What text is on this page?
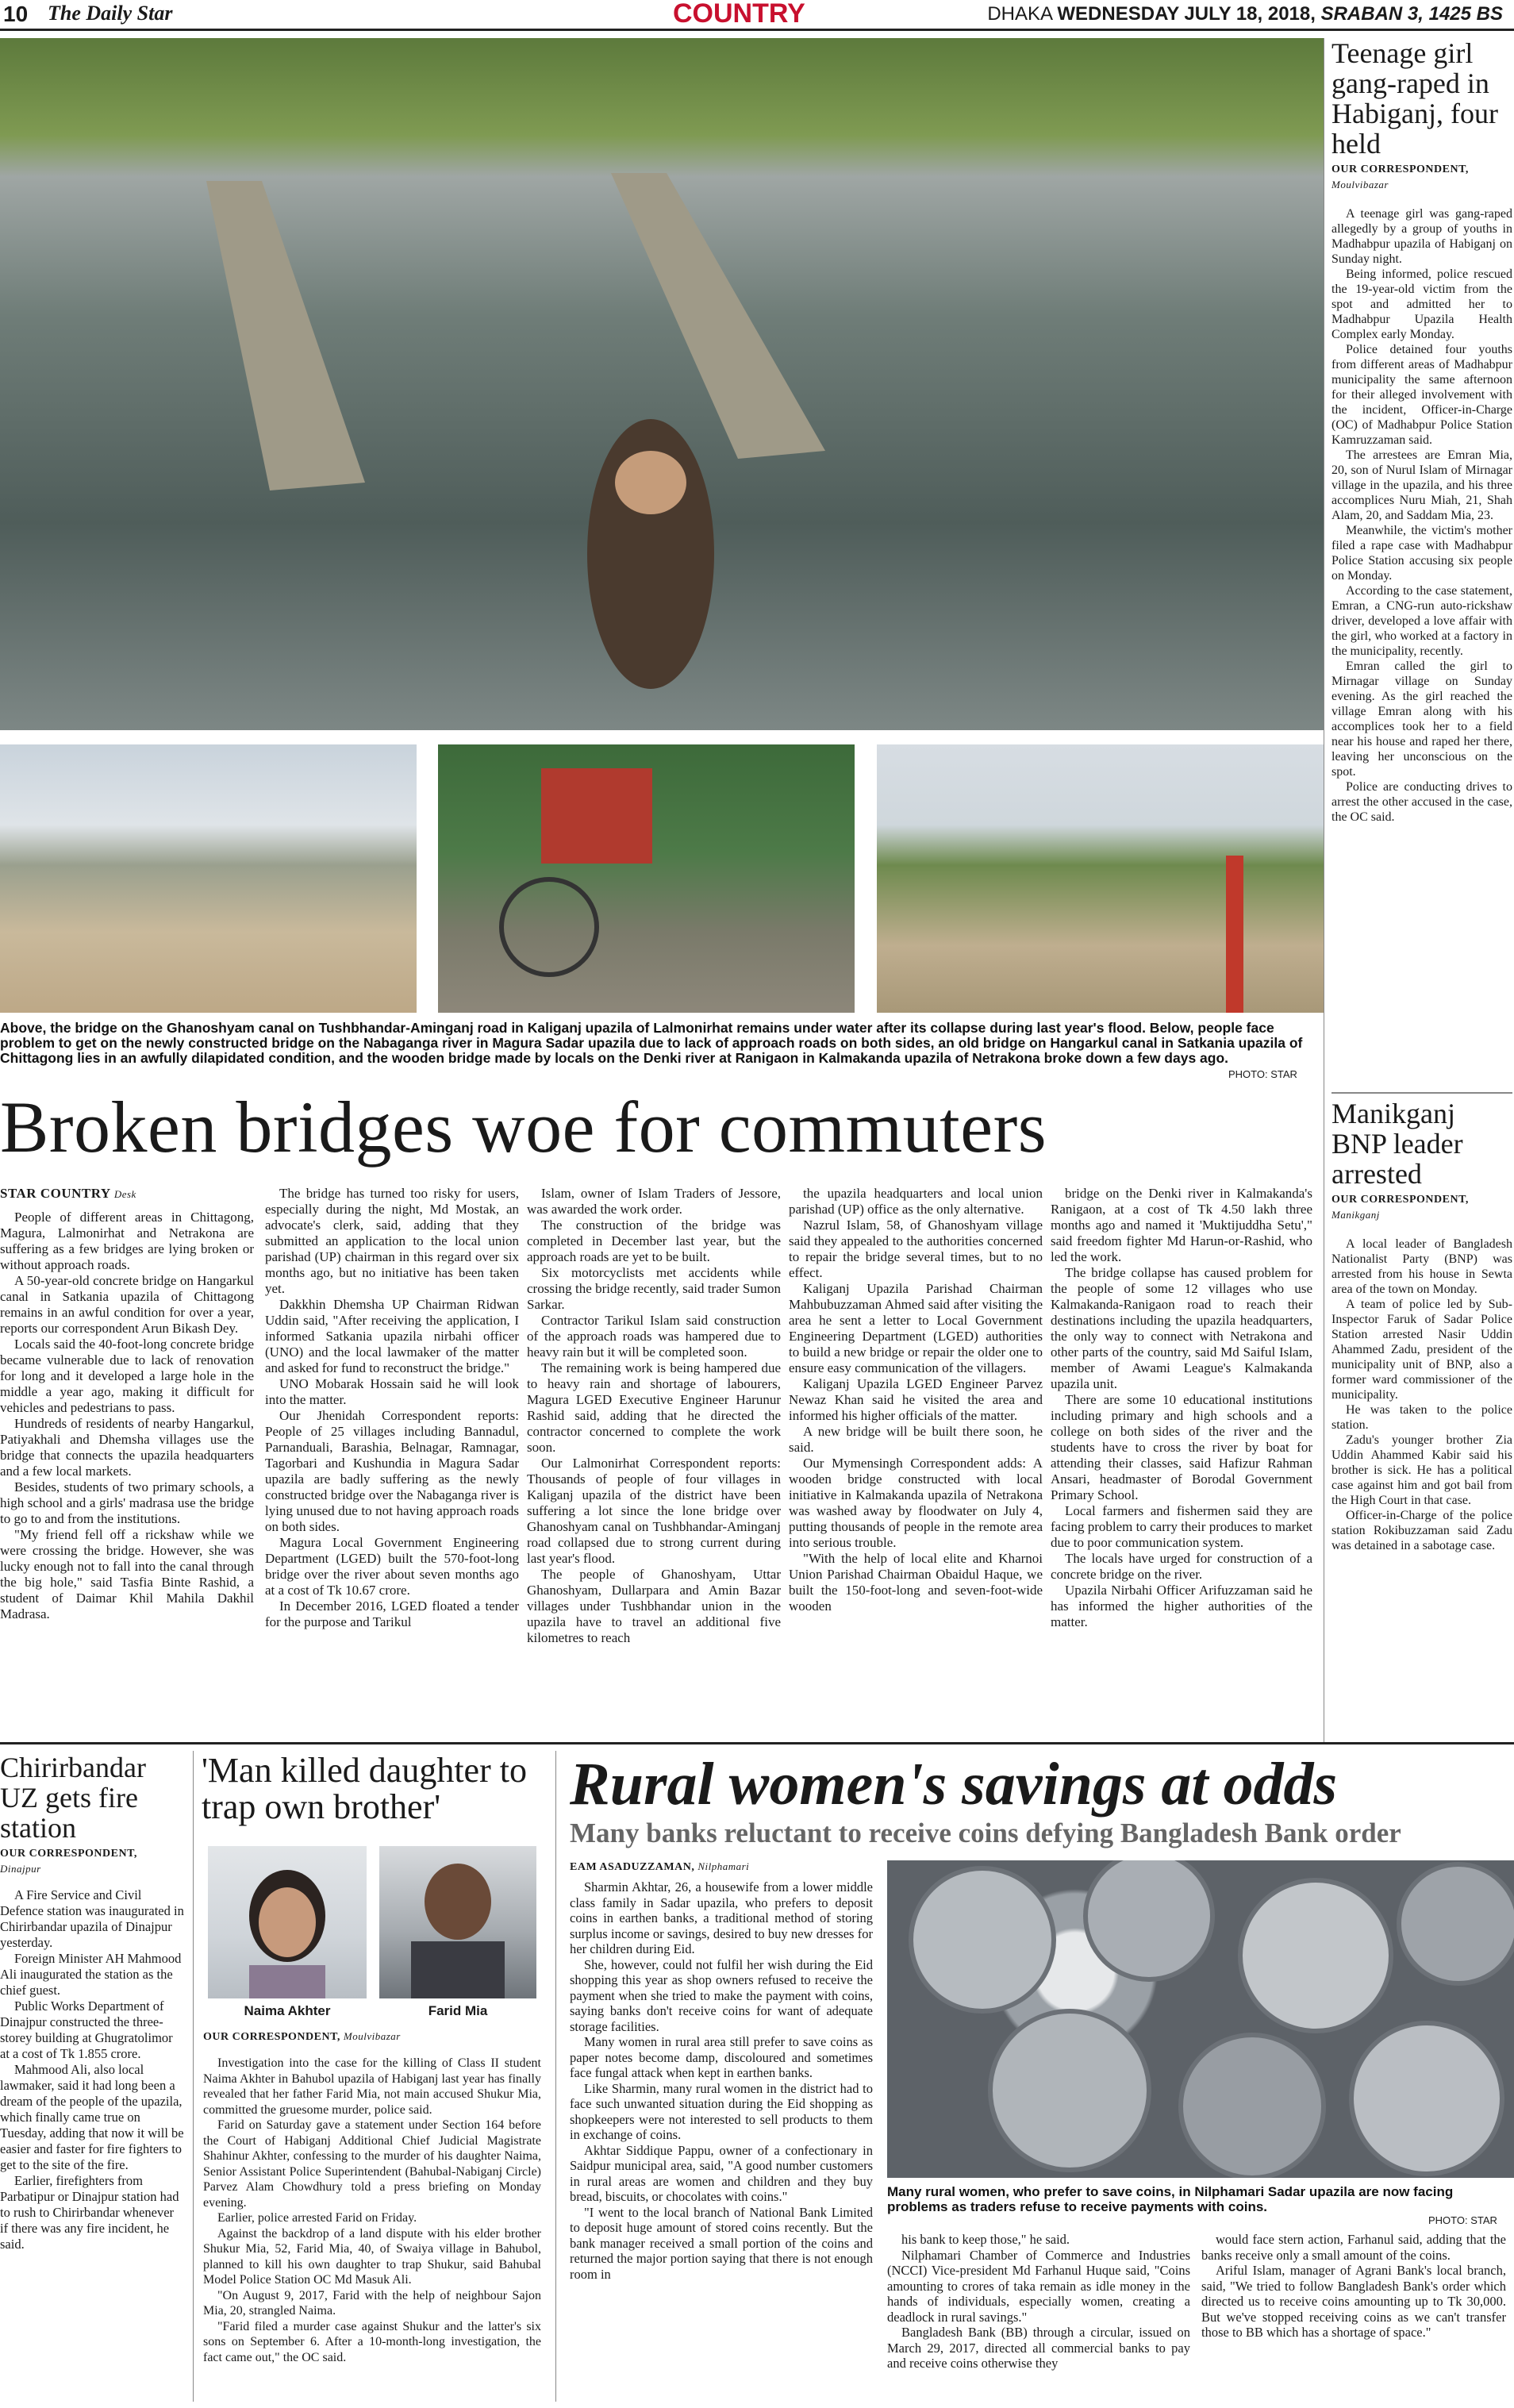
10 The Daily Star	COUNTRY	DHAKA WEDNESDAY JULY 18, 2018, SRABAN 3, 1425 BS
Above, the bridge on the Ghanoshyam canal on Tushbhandar-Aminganj road in Kaliganj upazila of Lalmonirhat remains under water after its collapse during last year's flood. Below, people face problem to get on the newly constructed bridge on the Nabaganga river in Magura Sadar upazila due to lack of approach roads on both sides, an old bridge on Hangarkul canal in Satkania upazila of Chittagong lies in an awfully dilapidated condition, and the wooden bridge made by locals on the Denki river at Ranigaon in Kalmakanda upazila of Netrakona broke down a few days ago.
PHOTO: STAR
Broken bridges woe for commuters
STAR COUNTRY Desk

People of different areas in Chittagong, Magura, Lalmonirhat and Netrakona are suffering as a few bridges are lying broken or without approach roads.

A 50-year-old concrete bridge on Hangarkul canal in Satkania upazila of Chittagong remains in an awful condition for over a year, reports our correspondent Arun Bikash Dey.

Locals said the 40-foot-long concrete bridge became vulnerable due to lack of renovation for long and it developed a large hole in the middle a year ago, making it difficult for vehicles and pedestrians to pass.

Hundreds of residents of nearby Hangarkul, Patiyakhali and Dhemsha villages use the bridge that connects the upazila headquarters and a few local markets.

Besides, students of two primary schools, a high school and a girls' madrasa use the bridge to go to and from the institutions.

"My friend fell off a rickshaw while we were crossing the bridge. However, she was lucky enough not to fall into the canal through the big hole," said Tasfia Binte Rashid, a student of Daimar Khil Mahila Dakhil Madrasa.

The bridge has turned too risky for users, especially during the night, Md Mostak, an advocate's clerk, said, adding that they submitted an application to the local union parishad (UP) chairman in this regard over six months ago, but no initiative has been taken yet.

Dakkhin Dhemsha UP Chairman Ridwan Uddin said, "After receiving the application, I informed Satkania upazila nirbahi officer (UNO) and the local lawmaker of the matter and asked for fund to reconstruct the bridge."

UNO Mobarak Hossain said he will look into the matter.

Our Jhenidah Correspondent reports: People of 25 villages including Bannadul, Parnanduali, Barashia, Belnagar, Ramnagar, Tagorbari and Kushundia in Magura Sadar upazila are badly suffering as the newly constructed bridge over the Nabaganga river is lying unused due to not having approach roads on both sides.

Magura Local Government Engineering Department (LGED) built the 570-foot-long bridge over the river about seven months ago at a cost of Tk 10.67 crore.

In December 2016, LGED floated a tender for the purpose and Tarikul

Islam, owner of Islam Traders of Jessore, was awarded the work order.

The construction of the bridge was completed in December last year, but the approach roads are yet to be built.

Six motorcyclists met accidents while crossing the bridge recently, said trader Sumon Sarkar.

Contractor Tarikul Islam said construction of the approach roads was hampered due to heavy rain but it will be completed soon.

The remaining work is being hampered due to heavy rain and shortage of labourers, Magura LGED Executive Engineer Harunur Rashid said, adding that he directed the contractor concerned to complete the work soon.

Our Lalmonirhat Correspondent reports: Thousands of people of four villages in Kaliganj upazila of the district have been suffering a lot since the lone bridge over Ghanoshyam canal on Tushbhandar-Aminganj road collapsed due to strong current during last year's flood.

The people of Ghanoshyam, Uttar Ghanoshyam, Dullarpara and Amin Bazar villages under Tushbhandar union in the upazila have to travel an additional five kilometres to reach

the upazila headquarters and local union parishad (UP) office as the only alternative.

Nazrul Islam, 58, of Ghanoshyam village said they appealed to the authorities concerned to repair the bridge several times, but to no effect.

Kaliganj Upazila Parishad Chairman Mahbubuzzaman Ahmed said after visiting the area he sent a letter to Local Government Engineering Department (LGED) authorities to build a new bridge or repair the older one to ensure easy communication of the villagers.

Kaliganj Upazila LGED Engineer Parvez Newaz Khan said he visited the area and informed his higher officials of the matter.

A new bridge will be built there soon, he said.

Our Mymensingh Correspondent adds: A wooden bridge constructed with local initiative in Kalmakanda upazila of Netrakona was washed away by floodwater on July 4, putting thousands of people in the remote area into serious trouble.

"With the help of local elite and Kharnoi Union Parishad Chairman Obaidul Haque, we built the 150-foot-long and seven-foot-wide wooden

bridge on the Denki river in Kalmakanda's Ranigaon, at a cost of Tk 4.50 lakh three months ago and named it 'Muktijuddha Setu'," said freedom fighter Md Harun-or-Rashid, who led the work.

The bridge collapse has caused problem for the people of some 12 villages who use Kalmakanda-Ranigaon road to reach their destinations including the upazila headquarters, the only way to connect with Netrakona and other parts of the country, said Md Saiful Islam, member of Awami League's Kalmakanda upazila unit.

There are some 10 educational institutions including primary and high schools and a college on both sides of the river and the students have to cross the river by boat for attending their classes, said Hafizur Rahman Ansari, headmaster of Borodal Government Primary School.

Local farmers and fishermen said they are facing problem to carry their produces to market due to poor communication system.

The locals have urged for construction of a concrete bridge on the river.

Upazila Nirbahi Officer Arifuzzaman said he has informed the higher authorities of the matter.

Teenage girl gang-raped in Habiganj, four held
OUR CORRESPONDENT,
Moulvibazar

A teenage girl was gang-raped allegedly by a group of youths in Madhabpur upazila of Habiganj on Sunday night.

Being informed, police rescued the 19-year-old victim from the spot and admitted her to Madhabpur Upazila Health Complex early Monday.

Police detained four youths from different areas of Madhabpur municipality the same afternoon for their alleged involvement with the incident, Officer-in-Charge (OC) of Madhabpur Police Station Kamruzzaman said.

The arrestees are Emran Mia, 20, son of Nurul Islam of Mirnagar village in the upazila, and his three accomplices Nuru Miah, 21, Shah Alam, 20, and Saddam Mia, 23.

Meanwhile, the victim's mother filed a rape case with Madhabpur Police Station accusing six people on Monday.

According to the case statement, Emran, a CNG-run auto-rickshaw driver, developed a love affair with the girl, who worked at a factory in the municipality, recently.

Emran called the girl to Mirnagar village on Sunday evening. As the girl reached the village Emran along with his accomplices took her to a field near his house and raped her there, leaving her unconscious on the spot.

Police are conducting drives to arrest the other accused in the case, the OC said.

Manikganj BNP leader arrested
OUR CORRESPONDENT,
Manikganj

A local leader of Bangladesh Nationalist Party (BNP) was arrested from his house in Sewta area of the town on Monday.

A team of police led by Sub-Inspector Faruk of Sadar Police Station arrested Nasir Uddin Ahammed Zadu, president of the municipality unit of BNP, also a former ward commissioner of the municipality.

He was taken to the police station.

Zadu's younger brother Zia Uddin Ahammed Kabir said his brother is sick. He has a political case against him and got bail from the High Court in that case.

Officer-in-Charge of the police station Rokibuzzaman said Zadu was detained in a sabotage case.

Chirirbandar UZ gets fire station
OUR CORRESPONDENT,
Dinajpur

A Fire Service and Civil Defence station was inaugurated in Chirirbandar upazila of Dinajpur yesterday.

Foreign Minister AH Mahmood Ali inaugurated the station as the chief guest.

Public Works Department of Dinajpur constructed the three-storey building at Ghugratolimor at a cost of Tk 1.855 crore.

Mahmood Ali, also local lawmaker, said it had long been a dream of the people of the upazila, which finally came true on Tuesday, adding that now it will be easier and faster for fire fighters to get to the site of the fire.

Earlier, firefighters from Parbatipur or Dinajpur station had to rush to Chirirbandar whenever if there was any fire incident, he said.

'Man killed daughter to trap own brother'
Naima Akhter	Farid Mia
OUR CORRESPONDENT, Moulvibazar

Investigation into the case for the killing of Class II student Naima Akhter in Bahubol upazila of Habiganj last year has finally revealed that her father Farid Mia, not main accused Shukur Mia, committed the gruesome murder, police said.

Farid on Saturday gave a statement under Section 164 before the Court of Habiganj Additional Chief Judicial Magistrate Shahinur Akhter, confessing to the murder of his daughter Naima, Senior Assistant Police Superintendent (Bahubal-Nabiganj Circle) Parvez Alam Chowdhury told a press briefing on Monday evening.

Earlier, police arrested Farid on Friday.

Against the backdrop of a land dispute with his elder brother Shukur Mia, 52, Farid Mia, 40, of Swaiya village in Bahubol, planned to kill his own daughter to trap Shukur, said Bahubal Model Police Station OC Md Masuk Ali.

"On August 9, 2017, Farid with the help of neighbour Sajon Mia, 20, strangled Naima.

"Farid filed a murder case against Shukur and the latter's six sons on September 6. After a 10-month-long investigation, the fact came out," the OC said.

Rural women's savings at odds
Many banks reluctant to receive coins defying Bangladesh Bank order
EAM ASADUZZAMAN, Nilphamari

Sharmin Akhtar, 26, a housewife from a lower middle class family in Sadar upazila, who prefers to deposit coins in earthen banks, a traditional method of storing surplus income or savings, desired to buy new dresses for her children during Eid.

She, however, could not fulfil her wish during the Eid shopping this year as shop owners refused to receive the payment when she tried to make the payment with coins, saying banks don't receive coins for want of adequate storage facilities.

Many women in rural area still prefer to save coins as paper notes become damp, discoloured and sometimes face fungal attack when kept in earthen banks.

Like Sharmin, many rural women in the district had to face such unwanted situation during the Eid shopping as shopkeepers were not interested to sell products to them in exchange of coins.

Akhtar Siddique Pappu, owner of a confectionary in Saidpur municipal area, said, "A good number customers in rural areas are women and children and they buy bread, biscuits, or chocolates with coins."

"I went to the local branch of National Bank Limited to deposit huge amount of stored coins recently. But the bank manager received a small portion of the coins and returned the major portion saying that there is not enough room in

Many rural women, who prefer to save coins, in Nilphamari Sadar upazila are now facing problems as traders refuse to receive payments with coins.
PHOTO: STAR

his bank to keep those," he said.

Nilphamari Chamber of Commerce and Industries (NCCI) Vice-president Md Farhanul Huque said, "Coins amounting to crores of taka remain as idle money in the hands of individuals, especially women, creating a deadlock in rural savings."

Bangladesh Bank (BB) through a circular, issued on March 29, 2017, directed all commercial banks to pay and receive coins otherwise they

would face stern action, Farhanul said, adding that the banks receive only a small amount of the coins.

Ariful Islam, manager of Agrani Bank's local branch, said, "We tried to follow Bangladesh Bank's order which directed us to receive coins amounting up to Tk 30,000. But we've stopped receiving coins as we can't transfer those to BB which has a shortage of space."
